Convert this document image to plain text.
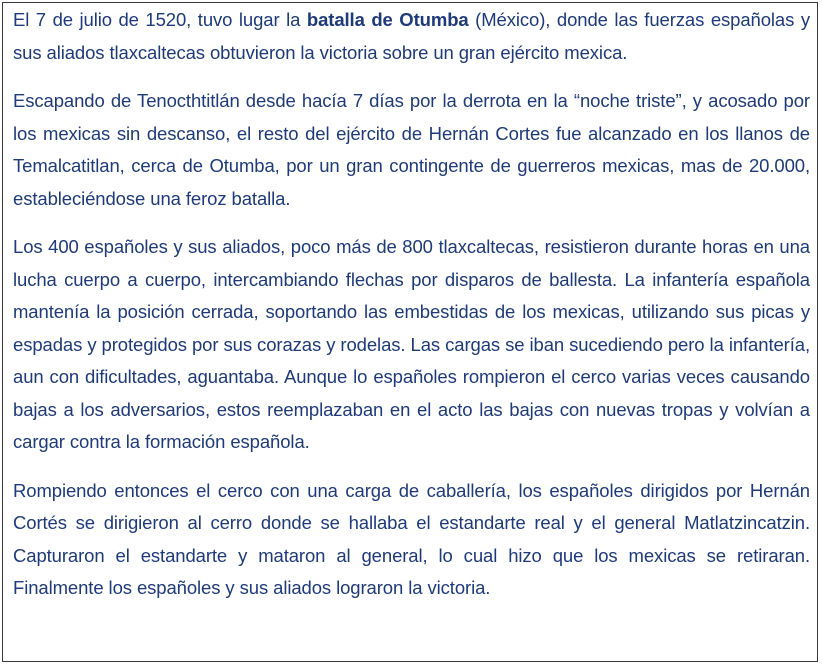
El 7 de julio de 1520, tuvo lugar la batalla de Otumba (México), donde las fuerzas españolas y sus aliados tlaxcaltecas obtuvieron la victoria sobre un gran ejército mexica.

Escapando de Tenocthtitlán desde hacía 7 días por la derrota en la “noche triste”, y acosado por los mexicas sin descanso, el resto del ejército de Hernán Cortes fue alcanzado en los llanos de Temalcatitlan, cerca de Otumba, por un gran contingente de guerreros mexicas, mas de 20.000, estableciéndose una feroz batalla.

Los 400 españoles y sus aliados, poco más de 800 tlaxcaltecas, resistieron durante horas en una lucha cuerpo a cuerpo, intercambiando flechas por disparos de ballesta. La infantería española mantenía la posición cerrada, soportando las embestidas de los mexicas, utilizando sus picas y espadas y protegidos por sus corazas y rodelas. Las cargas se iban sucediendo pero la infantería, aun con dificultades, aguantaba. Aunque lo españoles rompieron el cerco varias veces causando bajas a los adversarios, estos reemplazaban en el acto las bajas con nuevas tropas y volvían a cargar contra la formación española.

Rompiendo entonces el cerco con una carga de caballería, los españoles dirigidos por Hernán Cortés se dirigieron al cerro donde se hallaba el estandarte real y el general Matlatzincatzin. Capturaron el estandarte y mataron al general, lo cual hizo que los mexicas se retiraran. Finalmente los españoles y sus aliados lograron la victoria.
